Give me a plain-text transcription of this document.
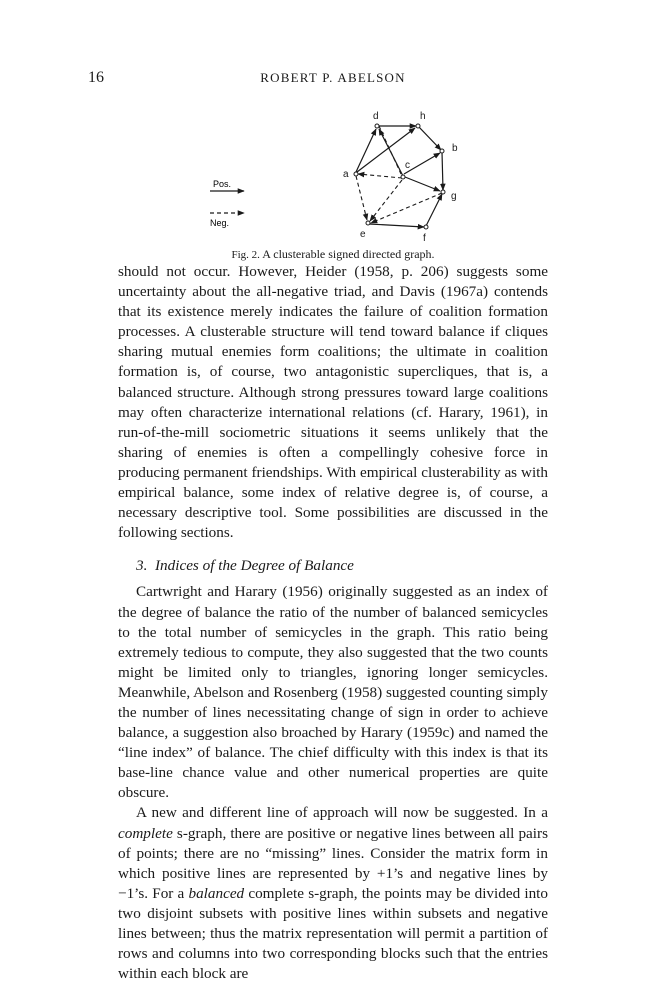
16	ROBERT P. ABELSON
Pos.
Neg.
d	h
b
c
a
g
e	f
Fig. 2. A clusterable signed directed graph.

should not occur. However, Heider (1958, p. 206) suggests some uncertainty about the all-negative triad, and Davis (1967a) contends that its existence merely indicates the failure of coalition formation processes. A clusterable structure will tend toward balance if cliques sharing mutual enemies form coalitions; the ultimate in coalition formation is, of course, two antagonistic supercliques, that is, a balanced structure. Although strong pressures toward large coalitions may often characterize international relations (cf. Harary, 1961), in run-of-the-mill sociometric situations it seems unlikely that the sharing of enemies is often a compellingly cohesive force in producing permanent friendships. With empirical clusterability as with empirical balance, some index of relative degree is, of course, a necessary descriptive tool. Some possibilities are discussed in the following sections.

3. Indices of the Degree of Balance

Cartwright and Harary (1956) originally suggested as an index of the degree of balance the ratio of the number of balanced semicycles to the total number of semicycles in the graph. This ratio being extremely tedious to compute, they also suggested that the two counts might be limited only to triangles, ignoring longer semicycles. Meanwhile, Abelson and Rosenberg (1958) suggested counting simply the number of lines necessitating change of sign in order to achieve balance, a suggestion also broached by Harary (1959c) and named the “line index” of balance. The chief difficulty with this index is that its base-line chance value and other numerical properties are quite obscure.

A new and different line of approach will now be suggested. In a complete s-graph, there are positive or negative lines between all pairs of points; there are no “missing” lines. Consider the matrix form in which positive lines are represented by +1’s and negative lines by −1’s. For a balanced complete s-graph, the points may be divided into two disjoint subsets with positive lines within subsets and negative lines between; thus the matrix representation will permit a partition of rows and columns into two corresponding blocks such that the entries within each block are
